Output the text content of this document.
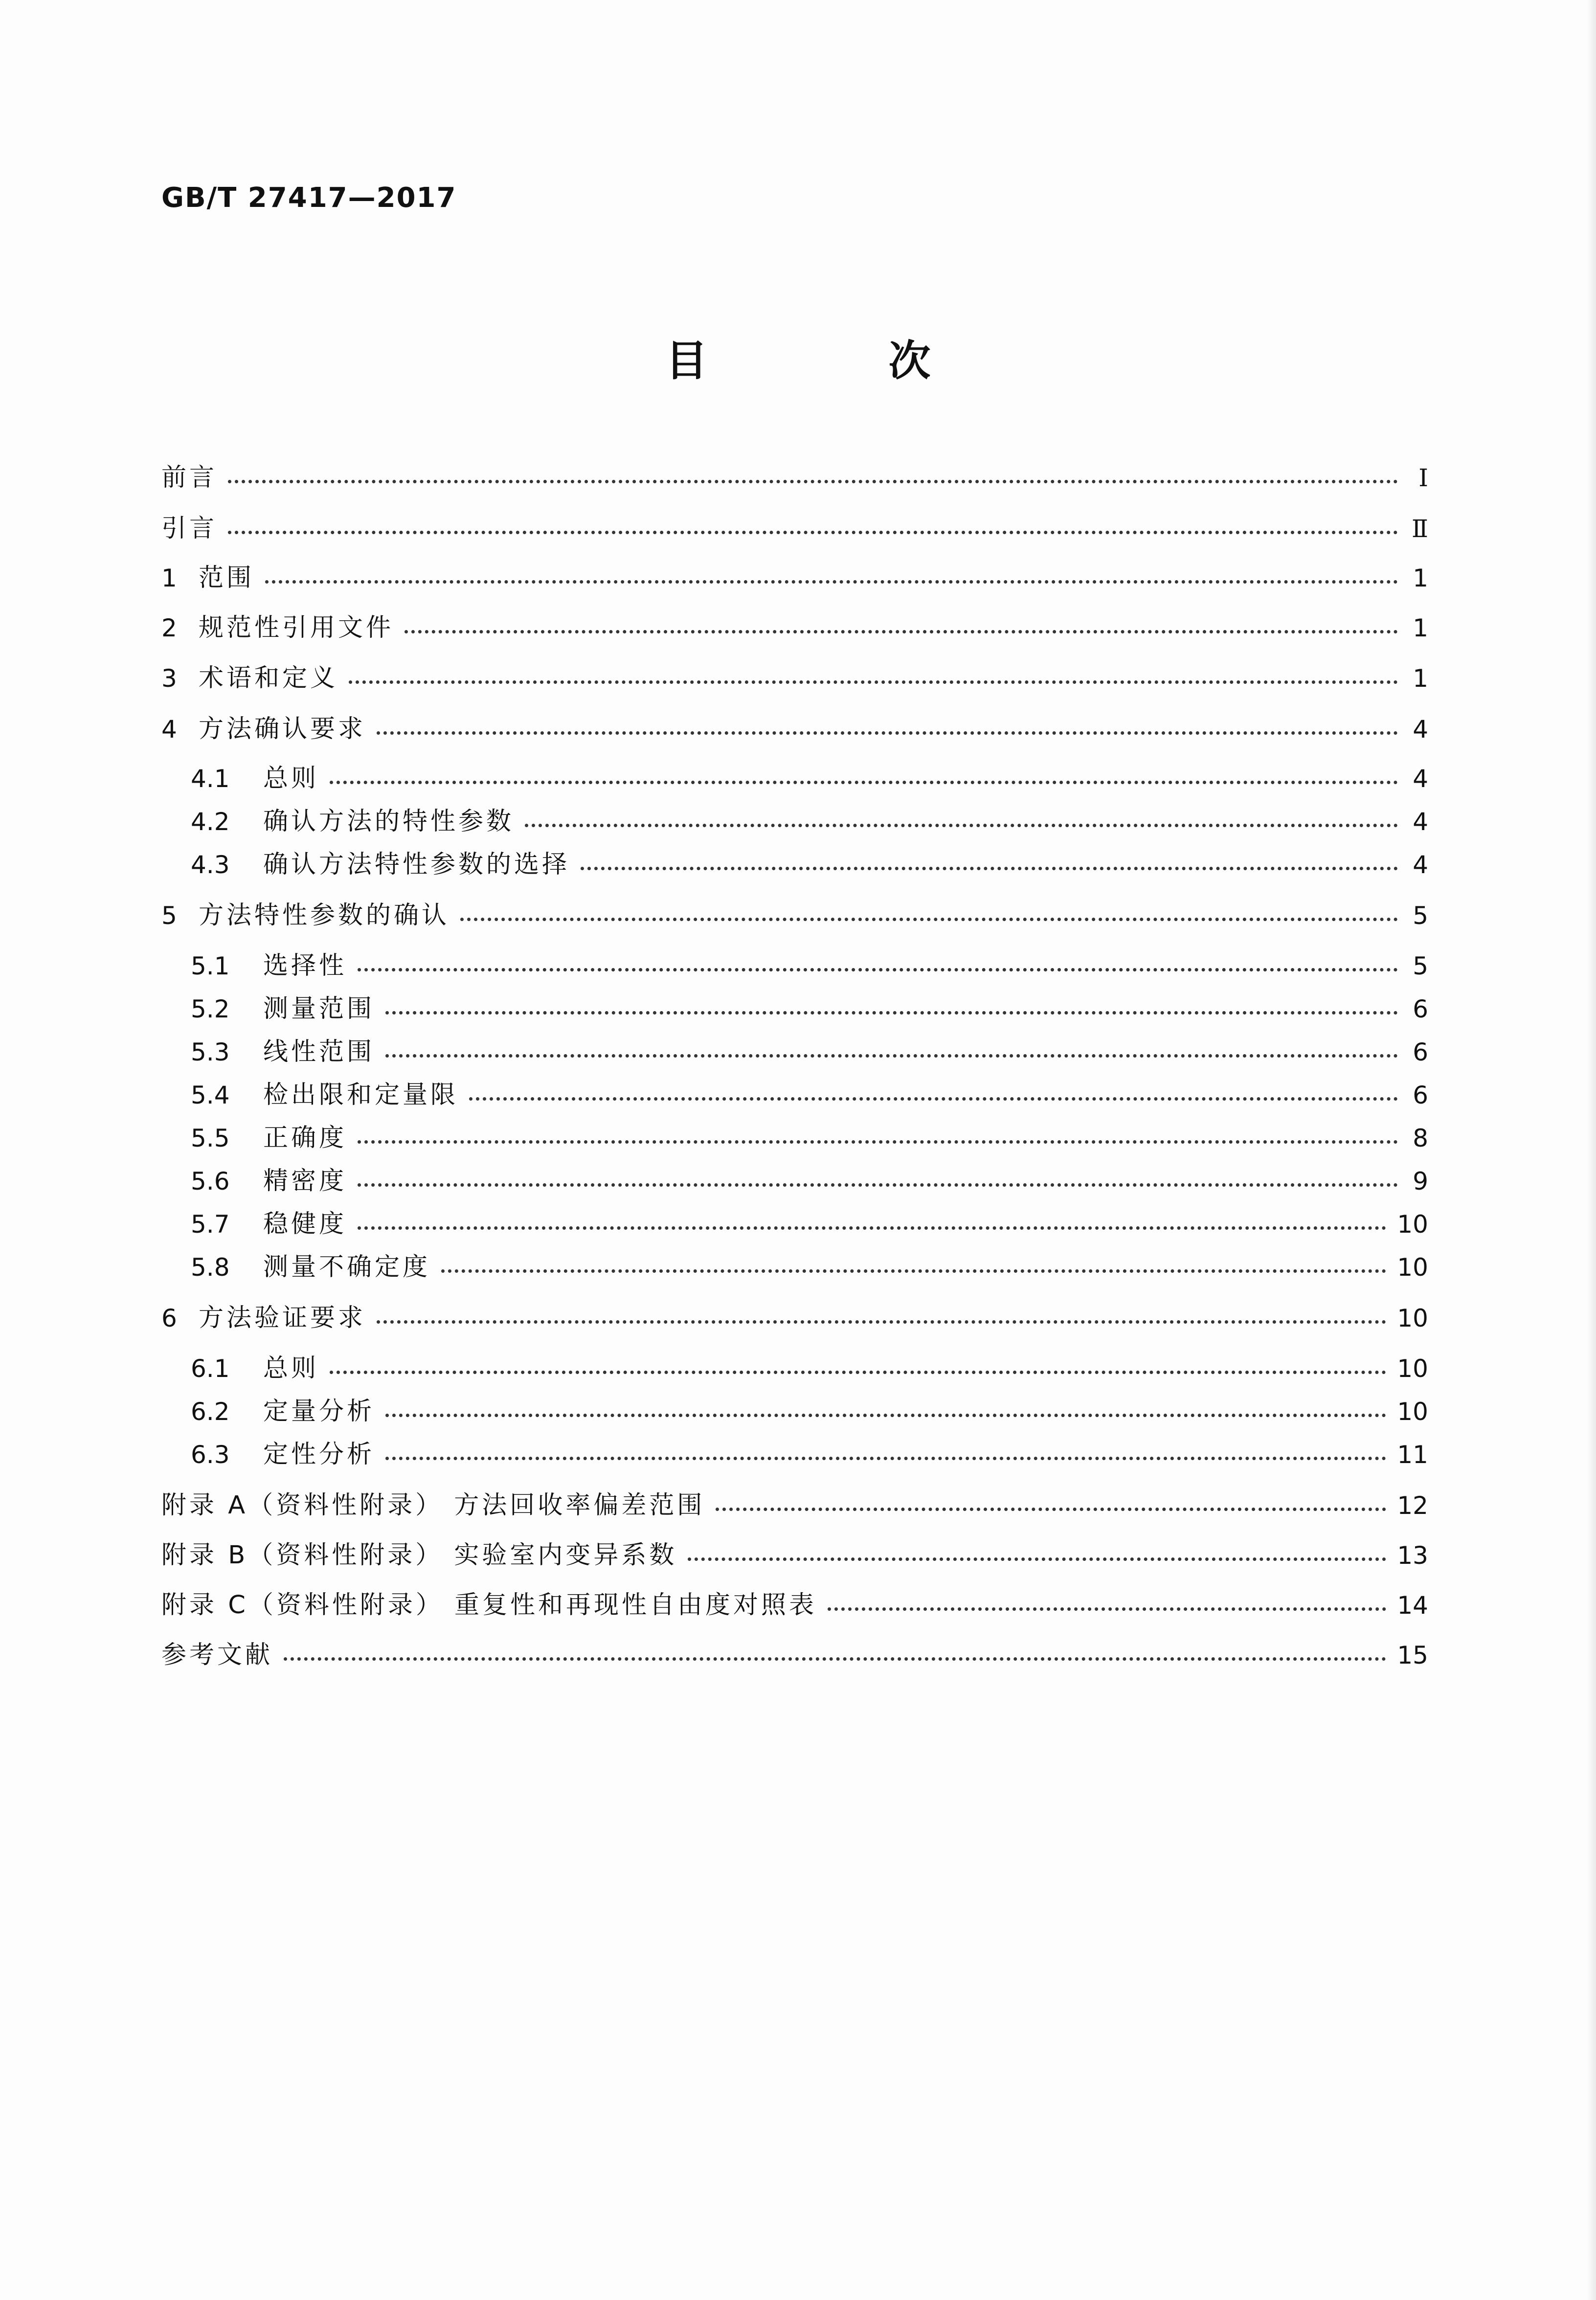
GB/T 27417—2017
目 次
前言	Ⅰ
引言	Ⅱ
1 范围	1
2 规范性引用文件	1
3 术语和定义	1
4 方法确认要求	4
4.1	总则	4
4.2	确认方法的特性参数	4
4.3	确认方法特性参数的选择	4
5 方法特性参数的确认	5
5.1	选择性	5
5.2	测量范围	6
5.3	线性范围	6
5.4	检出限和定量限	6
5.5	正确度	8
5.6	精密度	9
5.7	稳健度	10
5.8	测量不确定度	10
6 方法验证要求	10
6.1	总则	10
6.2	定量分析	10
6.3	定性分析	11
附录 A（资料性附录） 方法回收率偏差范围	12
附录 B（资料性附录） 实验室内变异系数	13
附录 C（资料性附录） 重复性和再现性自由度对照表	14
参考文献	15
